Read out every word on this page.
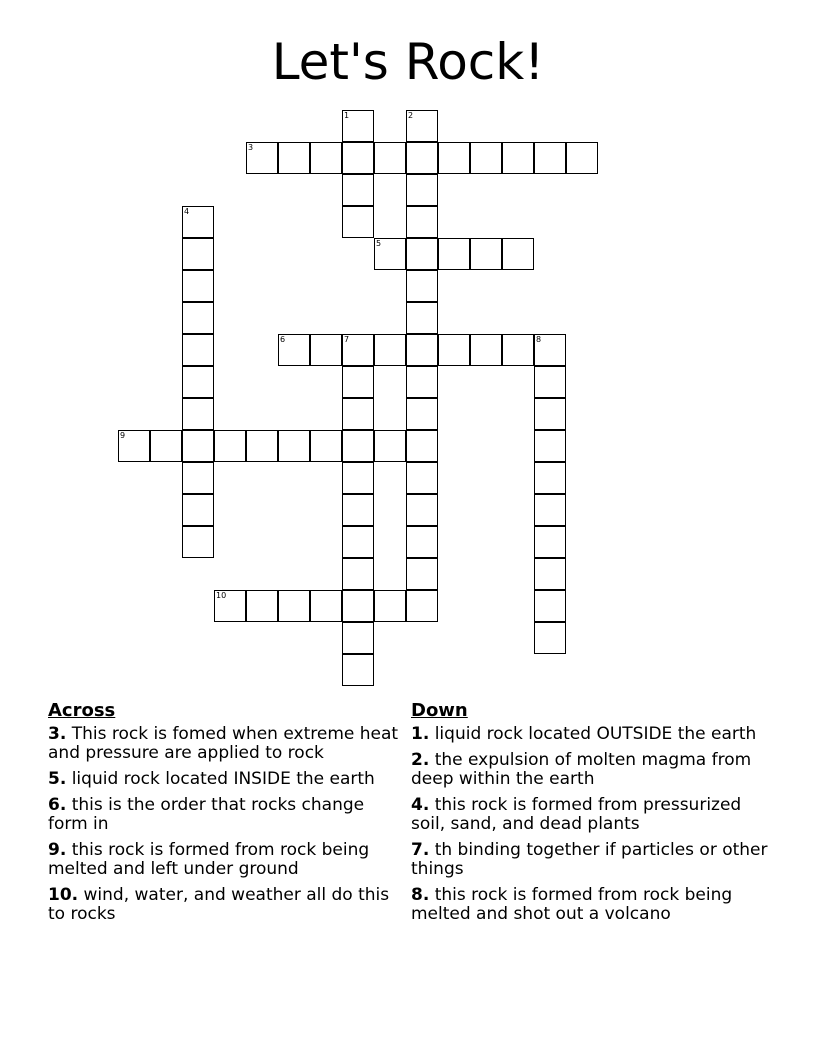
Let's Rock!
1	2
3
4
5
6	7	8
9
10
Across
3. This rock is fomed when extreme heat and pressure are applied to rock
5. liquid rock located INSIDE the earth
6. this is the order that rocks change form in
9. this rock is formed from rock being melted and left under ground
10. wind, water, and weather all do this to rocks
Down
1. liquid rock located OUTSIDE the earth
2. the expulsion of molten magma from deep within the earth
4. this rock is formed from pressurized soil, sand, and dead plants
7. th binding together if particles or other things
8. this rock is formed from rock being melted and shot out a volcano
